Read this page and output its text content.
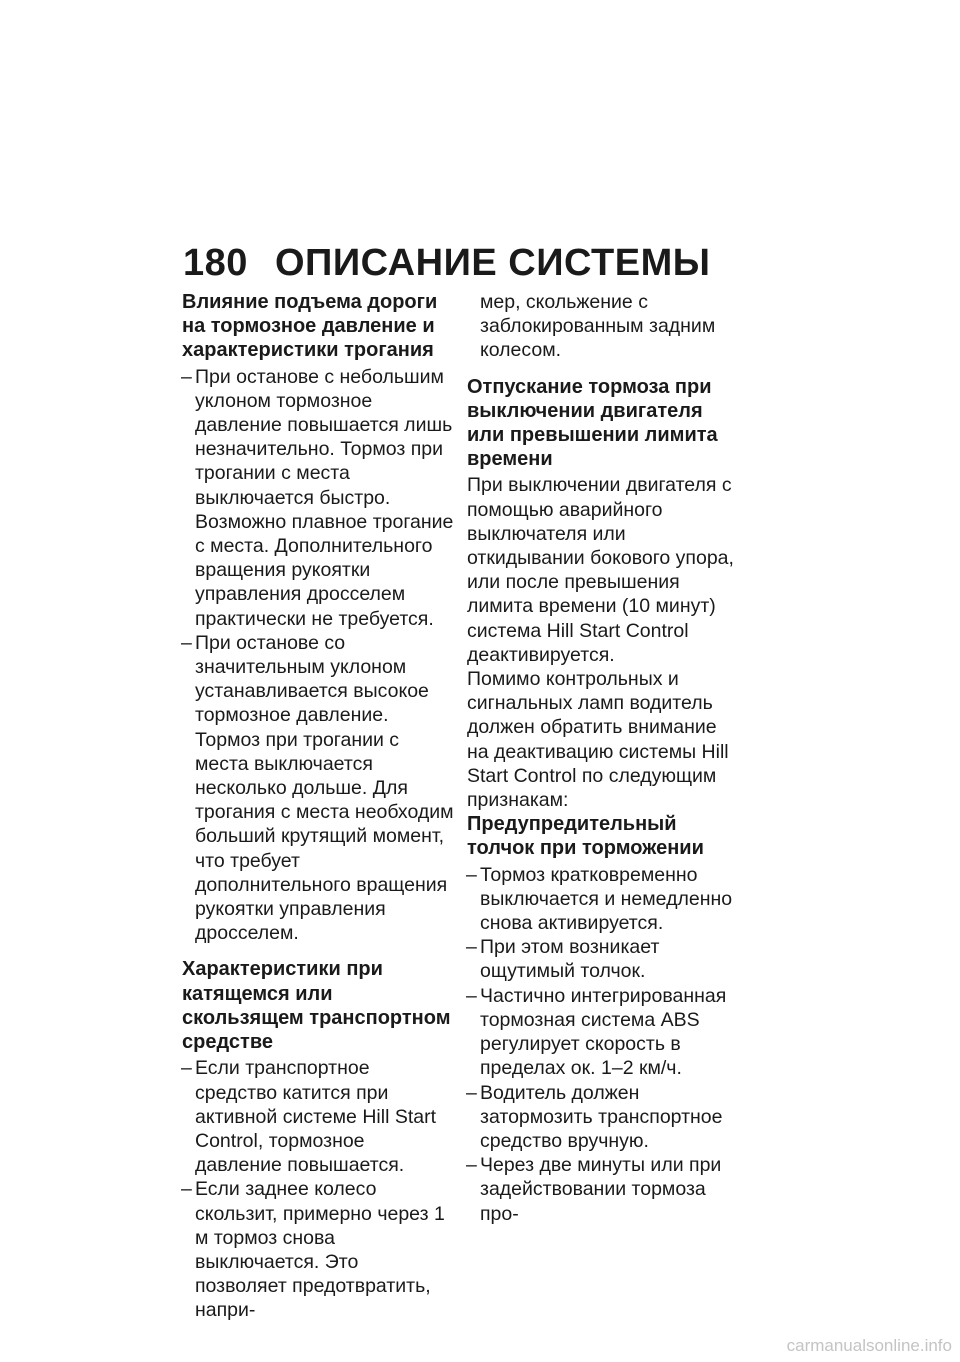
180 ОПИСАНИЕ СИСТЕМЫ
Влияние подъема дороги на тормозное давление и характеристики трогания
– При останове с небольшим уклоном тормозное давление повышается лишь незначительно. Тормоз при трогании с места выключается быстро. Возможно плавное трогание с места. Дополнительного вращения рукоятки управления дросселем практически не требуется.
– При останове со значительным уклоном устанавливается высокое тормозное давление. Тормоз при трогании с места выключается несколько дольше. Для трогания с места необходим больший крутящий момент, что требует дополнительного вращения рукоятки управления дросселем.
Характеристики при катящемся или скользящем транспортном средстве
– Если транспортное средство катится при активной системе Hill Start Control, тормозное давление повышается.
– Если заднее колесо скользит, примерно через 1 м тормоз снова выключается. Это позволяет предотвратить, напри-

мер, скольжение с заблокированным задним колесом.

Отпускание тормоза при выключении двигателя или превышении лимита времени

При выключении двигателя с помощью аварийного выключателя или откидывании бокового упора, или после превышения лимита времени (10 минут) система Hill Start Control деактивируется.

Помимо контрольных и сигнальных ламп водитель должен обратить внимание на деактивацию системы Hill Start Control по следующим признакам:

Предупредительный толчок при торможении
– Тормоз кратковременно выключается и немедленно снова активируется.
– При этом возникает ощутимый толчок.
– Частично интегрированная тормозная система ABS регулирует скорость в пределах ок. 1–2 км/ч.
– Водитель должен затормозить транспортное средство вручную.
– Через две минуты или при задействовании тормоза про-
carmanualsonline.info
